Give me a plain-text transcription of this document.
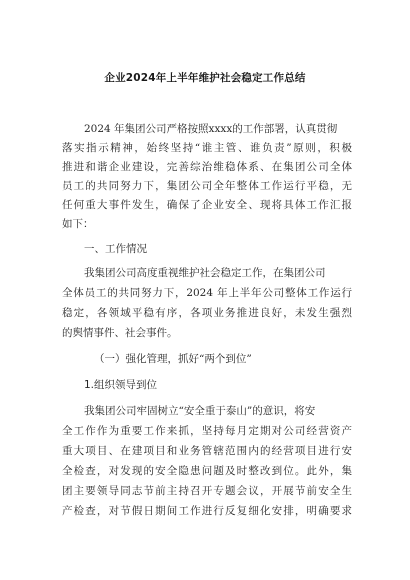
企业2024年上半年维护社会稳定工作总结
2024 年集团公司严格按照xxxx的工作部署，认真贯彻
落实指示精神，始终坚持“谁主管、谁负责”原则，积极
推进和谐企业建设，完善综治维稳体系、在集团公司全体
员工的共同努力下，集团公司全年整体工作运行平稳，无
任何重大事件发生，确保了企业安全、现将具体工作汇报
如下：
一、工作情况
我集团公司高度重视维护社会稳定工作，在集团公司
全体员工的共同努力下，2024 年上半年公司整体工作运行
稳定，各领域平稳有序，各项业务推进良好，未发生强烈
的舆情事件、社会事件。
（一）强化管理，抓好“两个到位”
1.组织领导到位
我集团公司牢固树立“安全重于泰山”的意识，将安
全工作作为重要工作来抓，坚持每月定期对公司经营资产
重大项目、在建项目和业务管辖范围内的经营项目进行安
全检查，对发现的安全隐患问题及时整改到位。此外，集
团主要领导同志节前主持召开专题会议，开展节前安全生
产检查，对节假日期间工作进行反复细化安排，明确要求
